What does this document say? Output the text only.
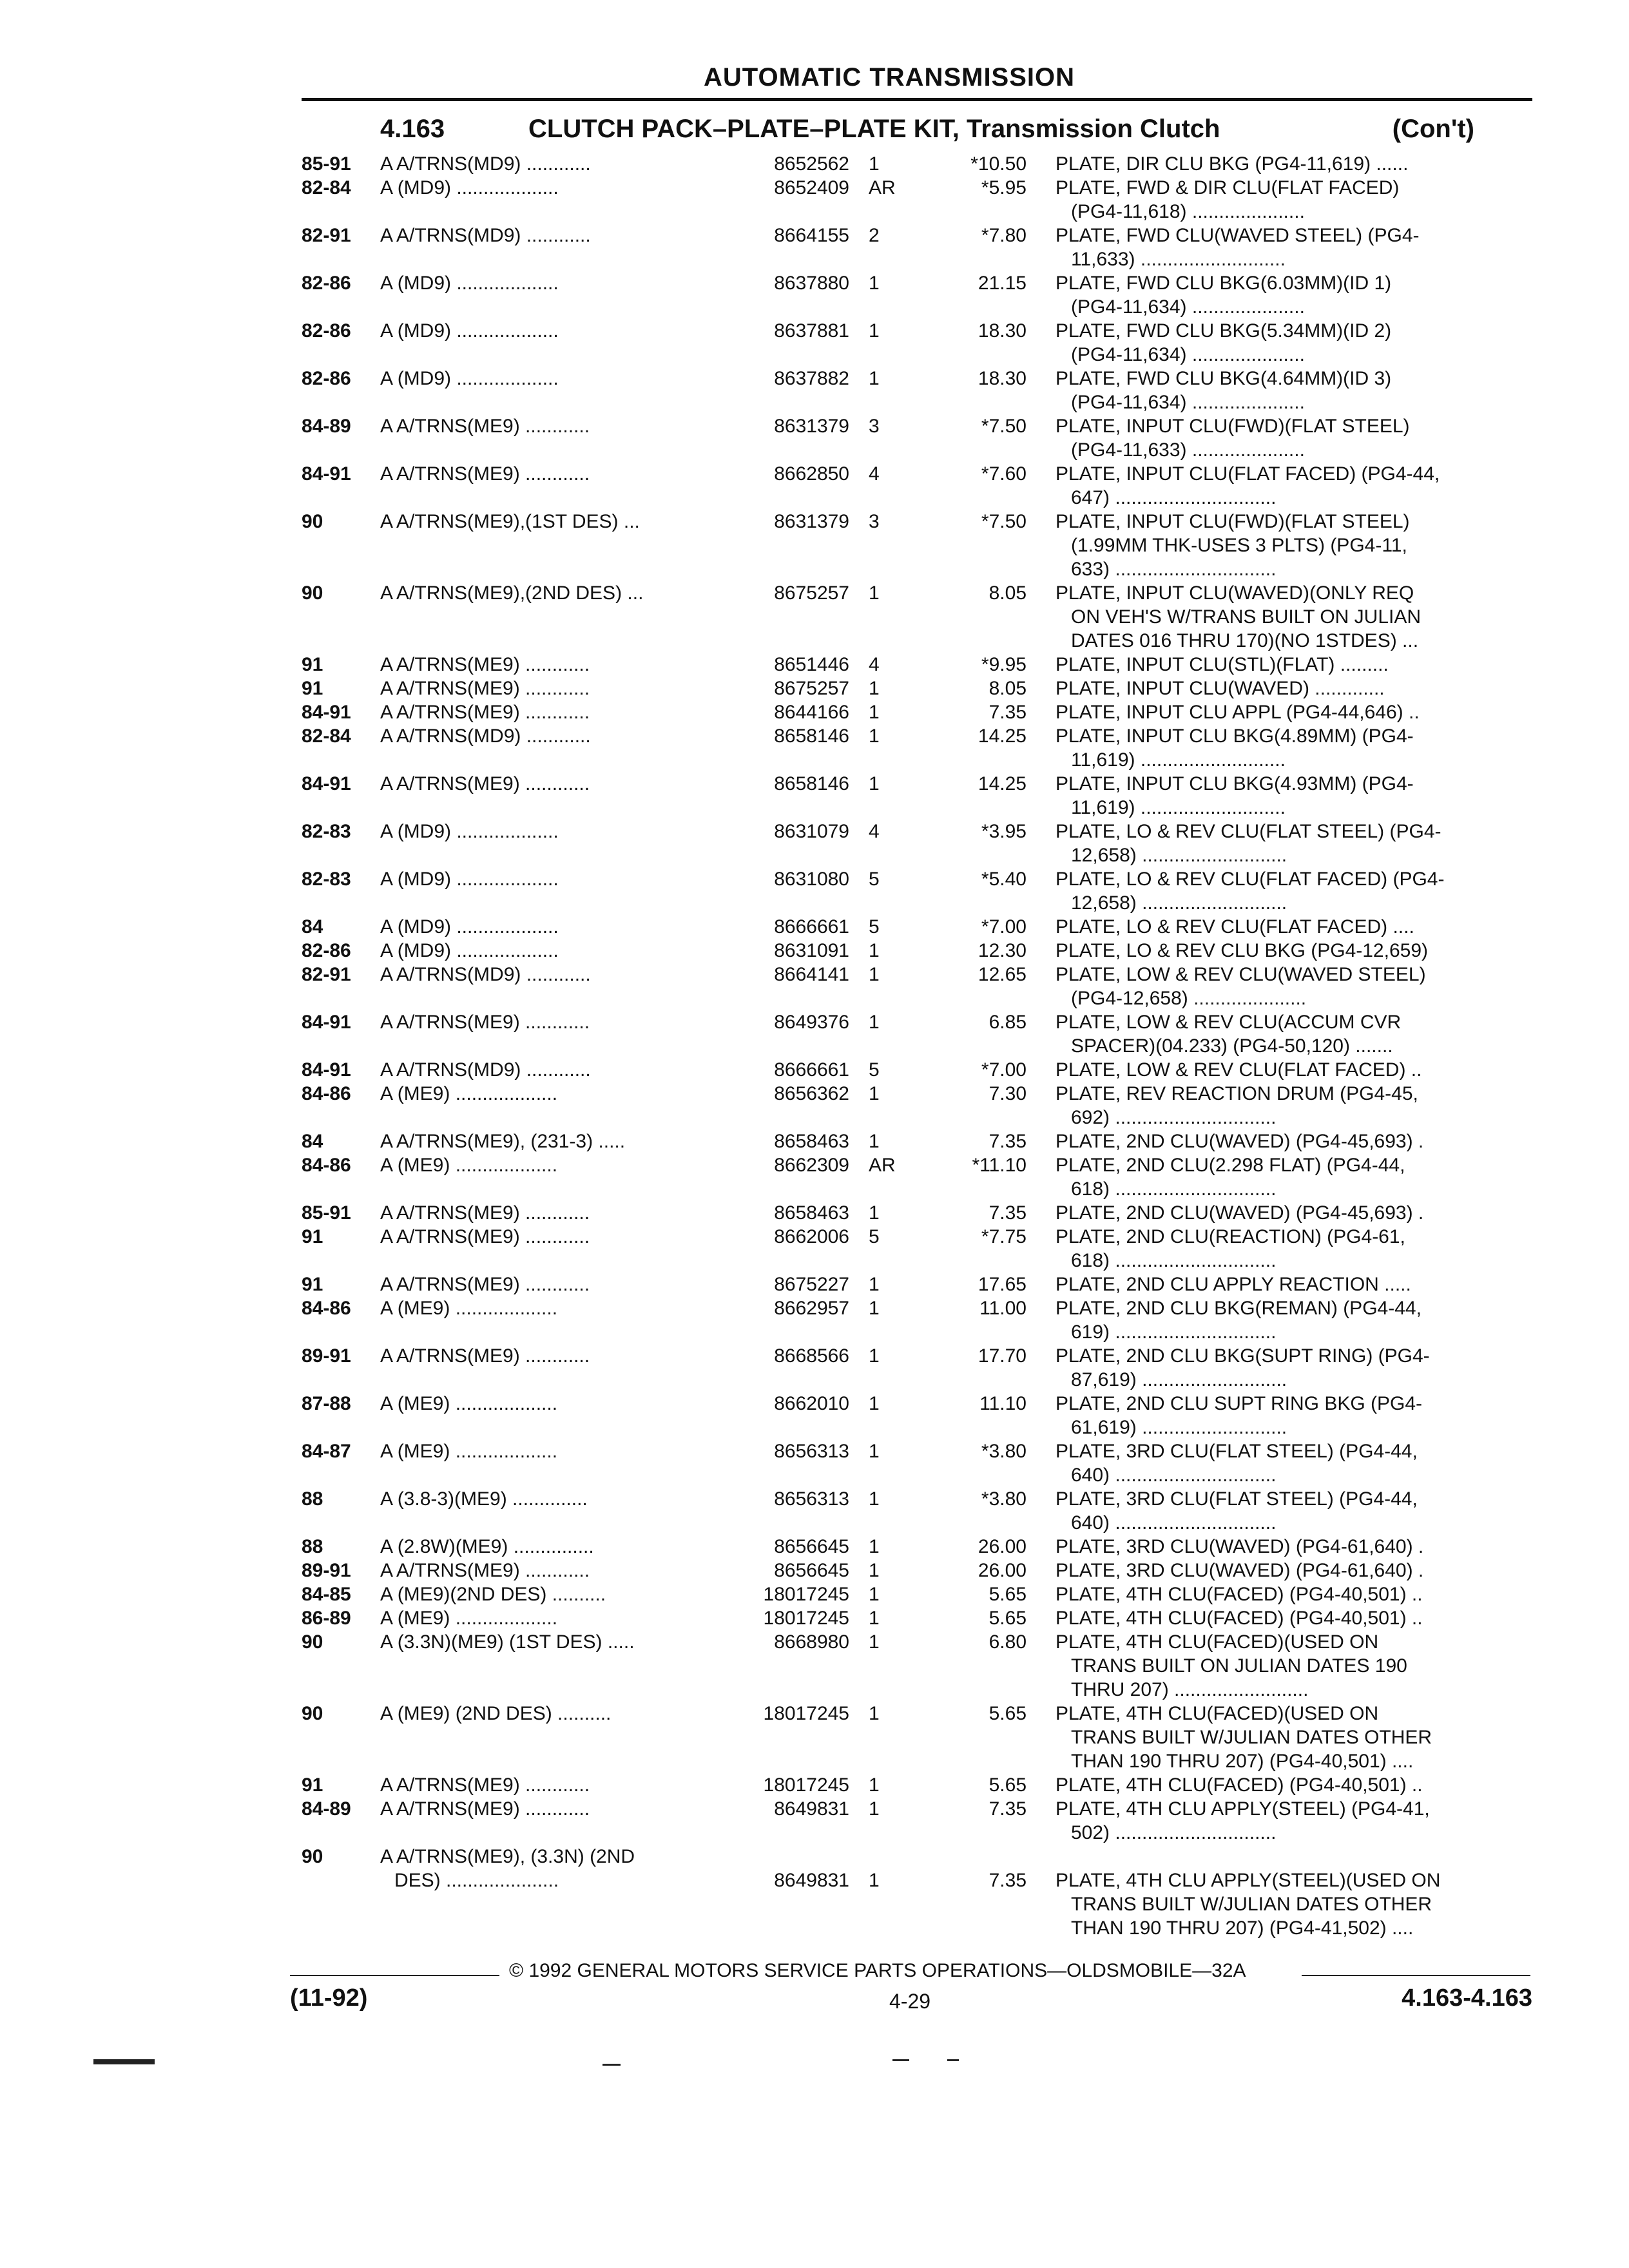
AUTOMATIC TRANSMISSION
4.163	CLUTCH PACK–PLATE–PLATE KIT, Transmission Clutch	(Con't)
85-91 A A/TRNS(MD9) ............	8652562 1	*10.50 PLATE, DIR CLU BKG (PG4-11,619) ......
82-84 A (MD9) ...................	8652409 AR	*5.95 PLATE, FWD & DIR CLU(FLAT FACED)
(PG4-11,618) .....................
82-91 A A/TRNS(MD9) ............	8664155 2	*7.80 PLATE, FWD CLU(WAVED STEEL) (PG4-
11,633) ...........................
82-86 A (MD9) ...................	8637880 1	21.15 PLATE, FWD CLU BKG(6.03MM)(ID 1)
(PG4-11,634) .....................
82-86 A (MD9) ...................	8637881 1	18.30 PLATE, FWD CLU BKG(5.34MM)(ID 2)
(PG4-11,634) .....................
82-86 A (MD9) ...................	8637882 1	18.30 PLATE, FWD CLU BKG(4.64MM)(ID 3)
(PG4-11,634) .....................
84-89 A A/TRNS(ME9) ............	8631379 3	*7.50 PLATE, INPUT CLU(FWD)(FLAT STEEL)
(PG4-11,633) .....................
84-91 A A/TRNS(ME9) ............	8662850 4	*7.60 PLATE, INPUT CLU(FLAT FACED) (PG4-44,
647) ..............................
90	A A/TRNS(ME9),(1ST DES) ...	8631379 3	*7.50 PLATE, INPUT CLU(FWD)(FLAT STEEL)
(1.99MM THK-USES 3 PLTS) (PG4-11,
633) ..............................
90	A A/TRNS(ME9),(2ND DES) ...	8675257 1	8.05 PLATE, INPUT CLU(WAVED)(ONLY REQ
ON VEH'S W/TRANS BUILT ON JULIAN
DATES 016 THRU 170)(NO 1STDES) ...
91	A A/TRNS(ME9) ............	8651446 4	*9.95 PLATE, INPUT CLU(STL)(FLAT) .........
91	A A/TRNS(ME9) ............	8675257 1	8.05 PLATE, INPUT CLU(WAVED) .............
84-91 A A/TRNS(ME9) ............	8644166 1	7.35 PLATE, INPUT CLU APPL (PG4-44,646) ..
82-84 A A/TRNS(MD9) ............	8658146 1	14.25 PLATE, INPUT CLU BKG(4.89MM) (PG4-
11,619) ...........................
84-91 A A/TRNS(ME9) ............	8658146 1	14.25 PLATE, INPUT CLU BKG(4.93MM) (PG4-
11,619) ...........................
82-83 A (MD9) ...................	8631079 4	*3.95 PLATE, LO & REV CLU(FLAT STEEL) (PG4-
12,658) ...........................
82-83 A (MD9) ...................	8631080 5	*5.40 PLATE, LO & REV CLU(FLAT FACED) (PG4-
12,658) ...........................
84	A (MD9) ...................	8666661 5	*7.00 PLATE, LO & REV CLU(FLAT FACED) ....
82-86 A (MD9) ...................	8631091 1	12.30 PLATE, LO & REV CLU BKG (PG4-12,659)
82-91 A A/TRNS(MD9) ............	8664141 1	12.65 PLATE, LOW & REV CLU(WAVED STEEL)
(PG4-12,658) .....................
84-91 A A/TRNS(ME9) ............	8649376 1	6.85 PLATE, LOW & REV CLU(ACCUM CVR
SPACER)(04.233) (PG4-50,120) .......
84-91 A A/TRNS(MD9) ............	8666661 5	*7.00 PLATE, LOW & REV CLU(FLAT FACED) ..
84-86 A (ME9) ...................	8656362 1	7.30 PLATE, REV REACTION DRUM (PG4-45,
692) ..............................
84	A A/TRNS(ME9), (231-3) .....	8658463 1	7.35 PLATE, 2ND CLU(WAVED) (PG4-45,693) .
84-86 A (ME9) ...................	8662309 AR	*11.10 PLATE, 2ND CLU(2.298 FLAT) (PG4-44,
618) ..............................
85-91 A A/TRNS(ME9) ............	8658463 1	7.35 PLATE, 2ND CLU(WAVED) (PG4-45,693) .
91	A A/TRNS(ME9) ............	8662006 5	*7.75 PLATE, 2ND CLU(REACTION) (PG4-61,
618) ..............................
91	A A/TRNS(ME9) ............	8675227 1	17.65 PLATE, 2ND CLU APPLY REACTION .....
84-86 A (ME9) ...................	8662957 1	11.00 PLATE, 2ND CLU BKG(REMAN) (PG4-44,
619) ..............................
89-91 A A/TRNS(ME9) ............	8668566 1	17.70 PLATE, 2ND CLU BKG(SUPT RING) (PG4-
87,619) ...........................
87-88 A (ME9) ...................	8662010 1	11.10 PLATE, 2ND CLU SUPT RING BKG (PG4-
61,619) ...........................
84-87 A (ME9) ...................	8656313 1	*3.80 PLATE, 3RD CLU(FLAT STEEL) (PG4-44,
640) ..............................
88	A (3.8-3)(ME9) ..............	8656313 1	*3.80 PLATE, 3RD CLU(FLAT STEEL) (PG4-44,
640) ..............................
88	A (2.8W)(ME9) ...............	8656645 1	26.00 PLATE, 3RD CLU(WAVED) (PG4-61,640) .
89-91 A A/TRNS(ME9) ............	8656645 1	26.00 PLATE, 3RD CLU(WAVED) (PG4-61,640) .
84-85 A (ME9)(2ND DES) ..........	18017245 1	5.65 PLATE, 4TH CLU(FACED) (PG4-40,501) ..
86-89 A (ME9) ...................	18017245 1	5.65 PLATE, 4TH CLU(FACED) (PG4-40,501) ..
90	A (3.3N)(ME9) (1ST DES) .....	8668980 1	6.80 PLATE, 4TH CLU(FACED)(USED ON
TRANS BUILT ON JULIAN DATES 190
THRU 207) .........................
90	A (ME9) (2ND DES) ..........	18017245 1	5.65 PLATE, 4TH CLU(FACED)(USED ON
TRANS BUILT W/JULIAN DATES OTHER
THAN 190 THRU 207) (PG4-40,501) ....
91	A A/TRNS(ME9) ............	18017245 1	5.65 PLATE, 4TH CLU(FACED) (PG4-40,501) ..
84-89 A A/TRNS(ME9) ............	8649831 1	7.35 PLATE, 4TH CLU APPLY(STEEL) (PG4-41,
502) ..............................
90	A A/TRNS(ME9), (3.3N) (2ND
DES) .....................	8649831 1	7.35 PLATE, 4TH CLU APPLY(STEEL)(USED ON
TRANS BUILT W/JULIAN DATES OTHER
THAN 190 THRU 207) (PG4-41,502) ....
© 1992 GENERAL MOTORS SERVICE PARTS OPERATIONS—OLDSMOBILE—32A
(11-92)	4-29	4.163-4.163
